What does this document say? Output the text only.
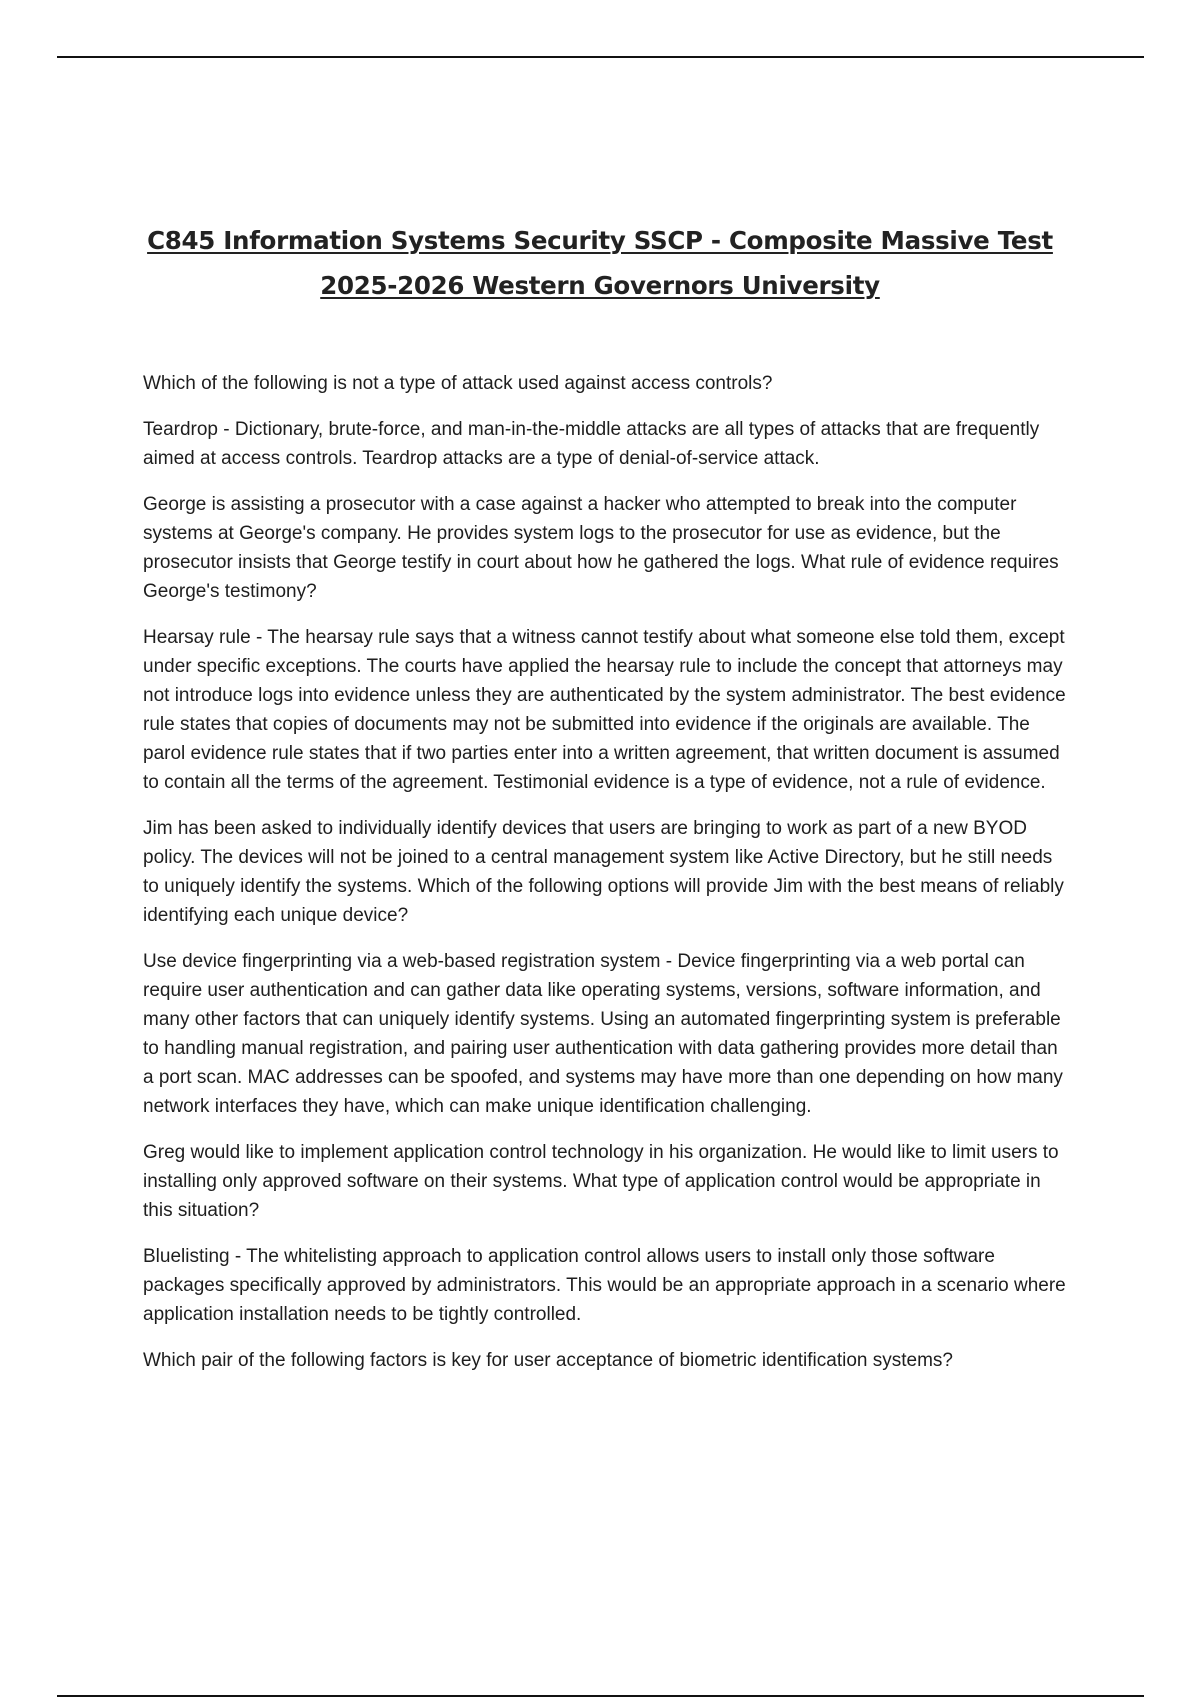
C845 Information Systems Security SSCP - Composite Massive Test
2025-2026 Western Governors University

Which of the following is not a type of attack used against access controls?

Teardrop - Dictionary, brute-force, and man-in-the-middle attacks are all types of attacks that are frequently aimed at access controls. Teardrop attacks are a type of denial-of-service attack.

George is assisting a prosecutor with a case against a hacker who attempted to break into the computer systems at George's company. He provides system logs to the prosecutor for use as evidence, but the prosecutor insists that George testify in court about how he gathered the logs. What rule of evidence requires George's testimony?

Hearsay rule - The hearsay rule says that a witness cannot testify about what someone else told them, except under specific exceptions. The courts have applied the hearsay rule to include the concept that attorneys may not introduce logs into evidence unless they are authenticated by the system administrator. The best evidence rule states that copies of documents may not be submitted into evidence if the originals are available. The parol evidence rule states that if two parties enter into a written agreement, that written document is assumed to contain all the terms of the agreement. Testimonial evidence is a type of evidence, not a rule of evidence.

Jim has been asked to individually identify devices that users are bringing to work as part of a new BYOD policy. The devices will not be joined to a central management system like Active Directory, but he still needs to uniquely identify the systems. Which of the following options will provide Jim with the best means of reliably identifying each unique device?

Use device fingerprinting via a web-based registration system - Device fingerprinting via a web portal can require user authentication and can gather data like operating systems, versions, software information, and many other factors that can uniquely identify systems. Using an automated fingerprinting system is preferable to handling manual registration, and pairing user authentication with data gathering provides more detail than a port scan. MAC addresses can be spoofed, and systems may have more than one depending on how many network interfaces they have, which can make unique identification challenging.

Greg would like to implement application control technology in his organization. He would like to limit users to installing only approved software on their systems. What type of application control would be appropriate in this situation?

Bluelisting - The whitelisting approach to application control allows users to install only those software packages specifically approved by administrators. This would be an appropriate approach in a scenario where application installation needs to be tightly controlled.

Which pair of the following factors is key for user acceptance of biometric identification systems?
